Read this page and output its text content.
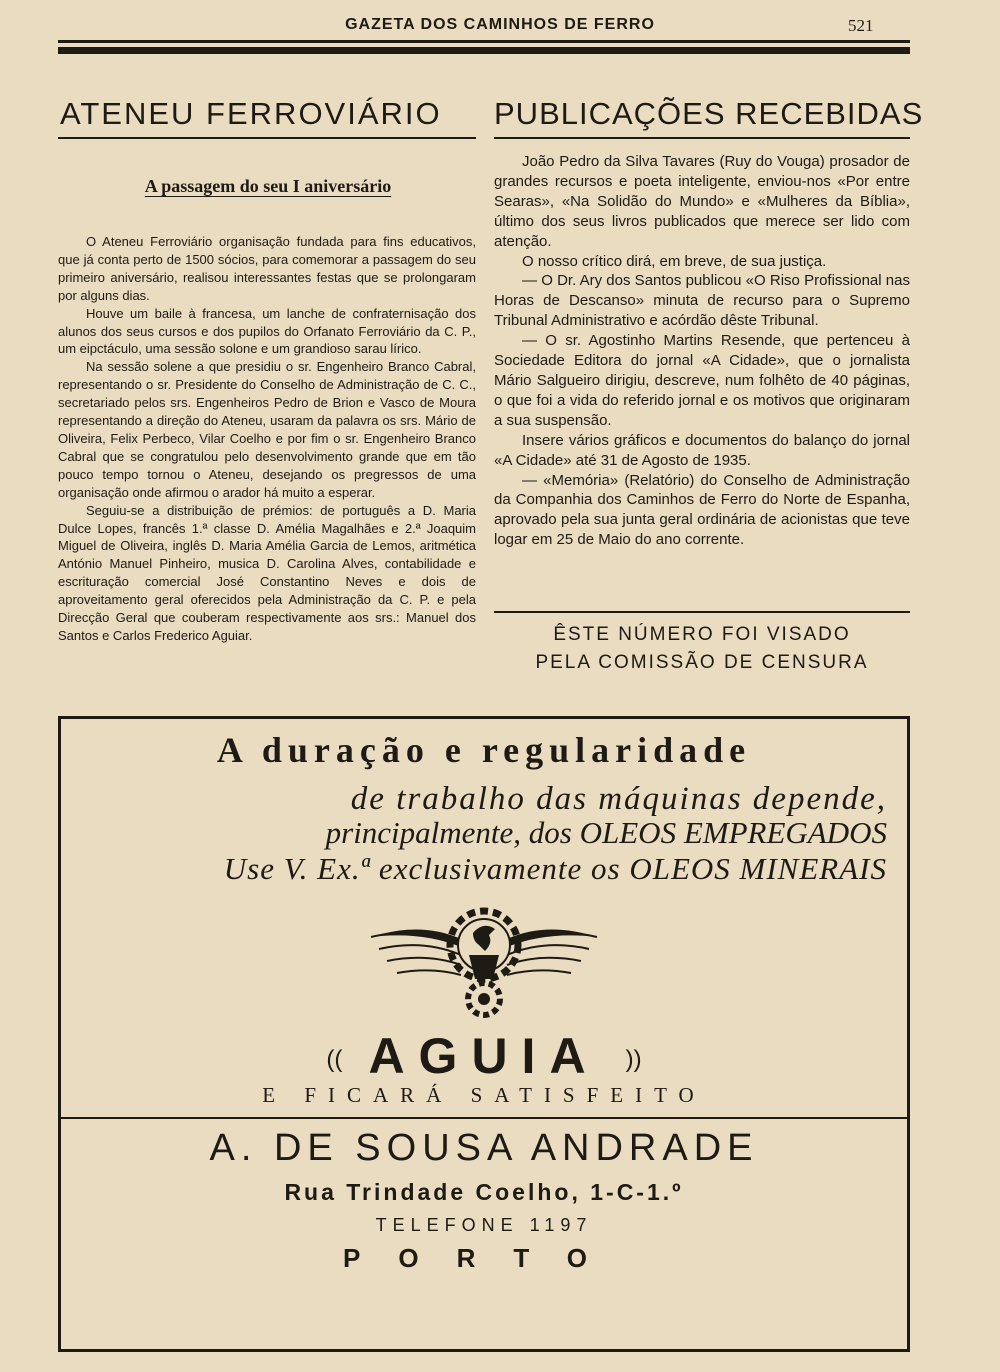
GAZETA DOS CAMINHOS DE FERRO	521
ATENEU FERROVIÁRIO
A passagem do seu I aniversário

O Ateneu Ferroviário organisação fundada para fins educativos, que já conta perto de 1500 sócios, para comemorar a passagem do seu primeiro aniversário, realisou interessantes festas que se prolongaram por alguns dias.

Houve um baile à francesa, um lanche de confraternisação dos alunos dos seus cursos e dos pupilos do Orfanato Ferroviário da C. P., um eipctáculo, uma sessão solone e um grandioso sarau lírico.

Na sessão solene a que presidiu o sr. Engenheiro Branco Cabral, representando o sr. Presidente do Conselho de Administração de C. C., secretariado pelos srs. Engenheiros Pedro de Brion e Vasco de Moura representando a direção do Ateneu, usaram da palavra os srs. Mário de Oliveira, Felix Perbeco, Vilar Coelho e por fim o sr. Engenheiro Branco Cabral que se congratulou pelo desenvolvimento grande que em tão pouco tempo tornou o Ateneu, desejando os pregressos de uma organisação onde afirmou o arador há muito a esperar.

Seguiu-se a distribuição de prémios: de português a D. Maria Dulce Lopes, francês 1.ª classe D. Amélia Magalhães e 2.ª Joaquim Miguel de Oliveira, inglês D. Maria Amélia Garcia de Lemos, aritmética António Manuel Pinheiro, musica D. Carolina Alves, contabilidade e escrituração comercial José Constantino Neves e dois de aproveitamento geral oferecidos pela Administração da C. P. e pela Direcção Geral que couberam respectivamente aos srs.: Manuel dos Santos e Carlos Frederico Aguiar.

PUBLICAÇÕES RECEBIDAS

João Pedro da Silva Tavares (Ruy do Vouga) prosador de grandes recursos e poeta inteligente, enviou-nos «Por entre Searas», «Na Solidão do Mundo» e «Mulheres da Bíblia», último dos seus livros publicados que merece ser lido com atenção.

O nosso crítico dirá, em breve, de sua justiça.

— O Dr. Ary dos Santos publicou «O Riso Profissional nas Horas de Descanso» minuta de recurso para o Supremo Tribunal Administrativo e acórdão dêste Tribunal.

— O sr. Agostinho Martins Resende, que pertenceu à Sociedade Editora do jornal «A Cidade», que o jornalista Mário Salgueiro dirigiu, descreve, num folhêto de 40 páginas, o que foi a vida do referido jornal e os motivos que originaram a sua suspensão.

Insere vários gráficos e documentos do balanço do jornal «A Cidade» até 31 de Agosto de 1935.

— «Memória» (Relatório) do Conselho de Administração da Companhia dos Caminhos de Ferro do Norte de Espanha, aprovado pela sua junta geral ordinária de acionistas que teve logar em 25 de Maio do ano corrente.

ÊSTE NÚMERO FOI VISADO
PELA COMISSÃO DE CENSURA
A duração e regularidade
de trabalho das máquinas depende,
principalmente, dos OLEOS EMPREGADOS
Use V. Ex.ª exclusivamente os OLEOS MINERAIS
(( AGUIA ))
E FICARÁ SATISFEITO
A. DE SOUSA ANDRADE
Rua Trindade Coelho, 1-C-1.º
TELEFONE 1197
PORTO
